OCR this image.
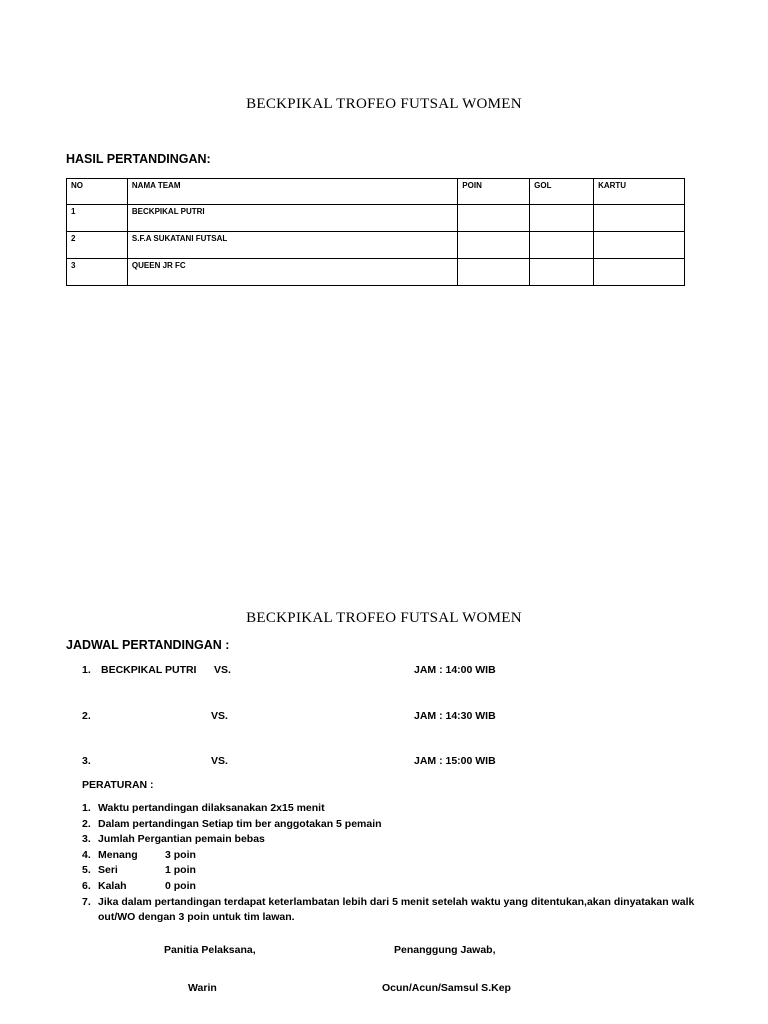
BECKPIKAL TROFEO FUTSAL WOMEN
HASIL PERTANDINGAN:
NO	NAMA TEAM	POIN	GOL	KARTU
1	BECKPIKAL PUTRI			
2	S.F.A SUKATANI FUTSAL			
3	QUEEN JR FC			
BECKPIKAL TROFEO FUTSAL WOMEN
JADWAL PERTANDINGAN :
1. BECKPIKAL PUTRI VS.	JAM : 14:00 WIB
2.	VS.	JAM : 14:30 WIB
3.	VS.	JAM : 15:00 WIB
PERATURAN :
1. Waktu pertandingan dilaksanakan 2x15 menit
2. Dalam pertandingan Setiap tim ber anggotakan 5 pemain
3. Jumlah Pergantian pemain bebas
4. Menang	3 poin
5. Seri	1 poin
6. Kalah	0 poin
7. Jika dalam pertandingan terdapat keterlambatan lebih dari 5 menit setelah waktu yang ditentukan,akan dinyatakan walk out/WO dengan 3 poin untuk tim lawan.
Panitia Pelaksana,	Penanggung Jawab,
Warin	Ocun/Acun/Samsul S.Kep
